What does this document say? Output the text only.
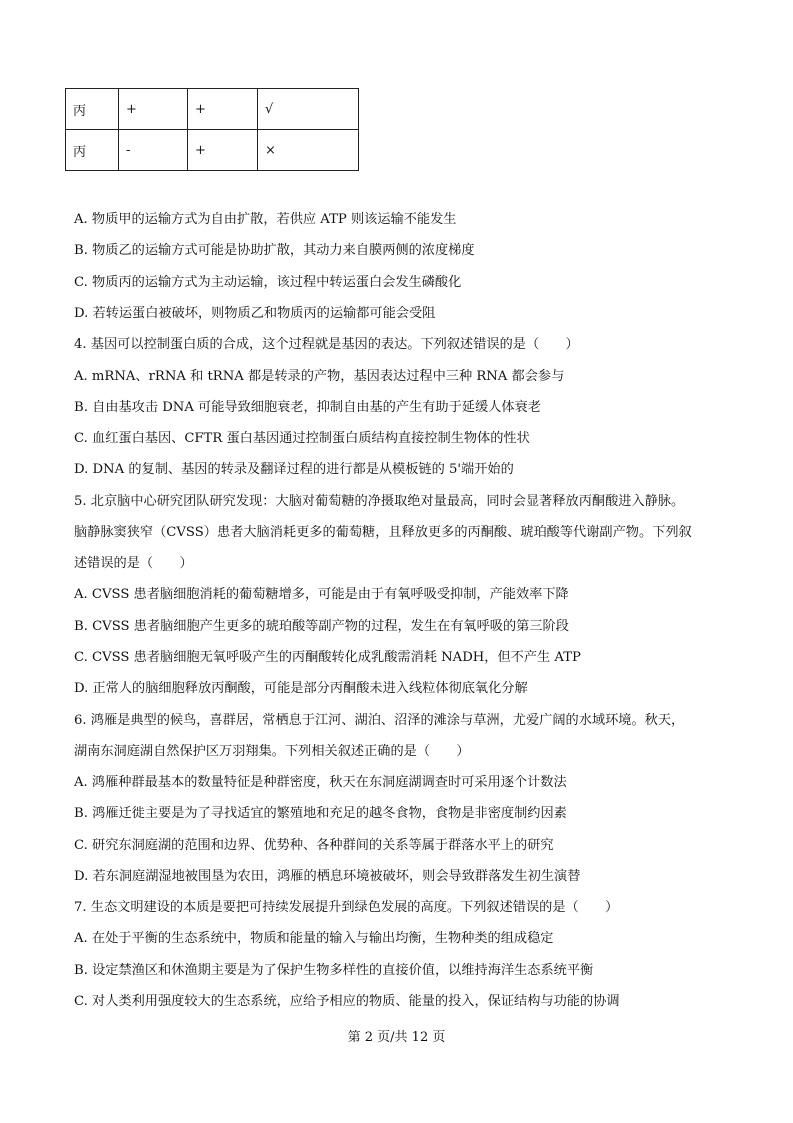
丙	+	+	√
丙	-	+	×
A. 物质甲的运输方式为自由扩散，若供应 ATP 则该运输不能发生
B. 物质乙的运输方式可能是协助扩散，其动力来自膜两侧的浓度梯度
C. 物质丙的运输方式为主动运输，该过程中转运蛋白会发生磷酸化
D. 若转运蛋白被破坏，则物质乙和物质丙的运输都可能会受阻
4. 基因可以控制蛋白质的合成，这个过程就是基因的表达。下列叙述错误的是（　　）
A. mRNA、rRNA 和 tRNA 都是转录的产物，基因表达过程中三种 RNA 都会参与
B. 自由基攻击 DNA 可能导致细胞衰老，抑制自由基的产生有助于延缓人体衰老
C. 血红蛋白基因、CFTR 蛋白基因通过控制蛋白质结构直接控制生物体的性状
D. DNA 的复制、基因的转录及翻译过程的进行都是从模板链的 5'端开始的
5. 北京脑中心研究团队研究发现：大脑对葡萄糖的净摄取绝对量最高，同时会显著释放丙酮酸进入静脉。
脑静脉窦狭窄（CVSS）患者大脑消耗更多的葡萄糖，且释放更多的丙酮酸、琥珀酸等代谢副产物。下列叙
述错误的是（　　）
A. CVSS 患者脑细胞消耗的葡萄糖增多，可能是由于有氧呼吸受抑制，产能效率下降
B. CVSS 患者脑细胞产生更多的琥珀酸等副产物的过程，发生在有氧呼吸的第三阶段
C. CVSS 患者脑细胞无氧呼吸产生的丙酮酸转化成乳酸需消耗 NADH，但不产生 ATP
D. 正常人的脑细胞释放丙酮酸，可能是部分丙酮酸未进入线粒体彻底氧化分解
6. 鸿雁是典型的候鸟，喜群居，常栖息于江河、湖泊、沼泽的滩涂与草洲，尤爱广阔的水域环境。秋天，
湖南东洞庭湖自然保护区万羽翔集。下列相关叙述正确的是（　　）
A. 鸿雁种群最基本的数量特征是种群密度，秋天在东洞庭湖调查时可采用逐个计数法
B. 鸿雁迁徙主要是为了寻找适宜的繁殖地和充足的越冬食物，食物是非密度制约因素
C. 研究东洞庭湖的范围和边界、优势种、各种群间的关系等属于群落水平上的研究
D. 若东洞庭湖湿地被围垦为农田，鸿雁的栖息环境被破坏，则会导致群落发生初生演替
7. 生态文明建设的本质是要把可持续发展提升到绿色发展的高度。下列叙述错误的是（　　）
A. 在处于平衡的生态系统中，物质和能量的输入与输出均衡，生物种类的组成稳定
B. 设定禁渔区和休渔期主要是为了保护生物多样性的直接价值，以维持海洋生态系统平衡
C. 对人类利用强度较大的生态系统，应给予相应的物质、能量的投入，保证结构与功能的协调
第 2 页/共 12 页
